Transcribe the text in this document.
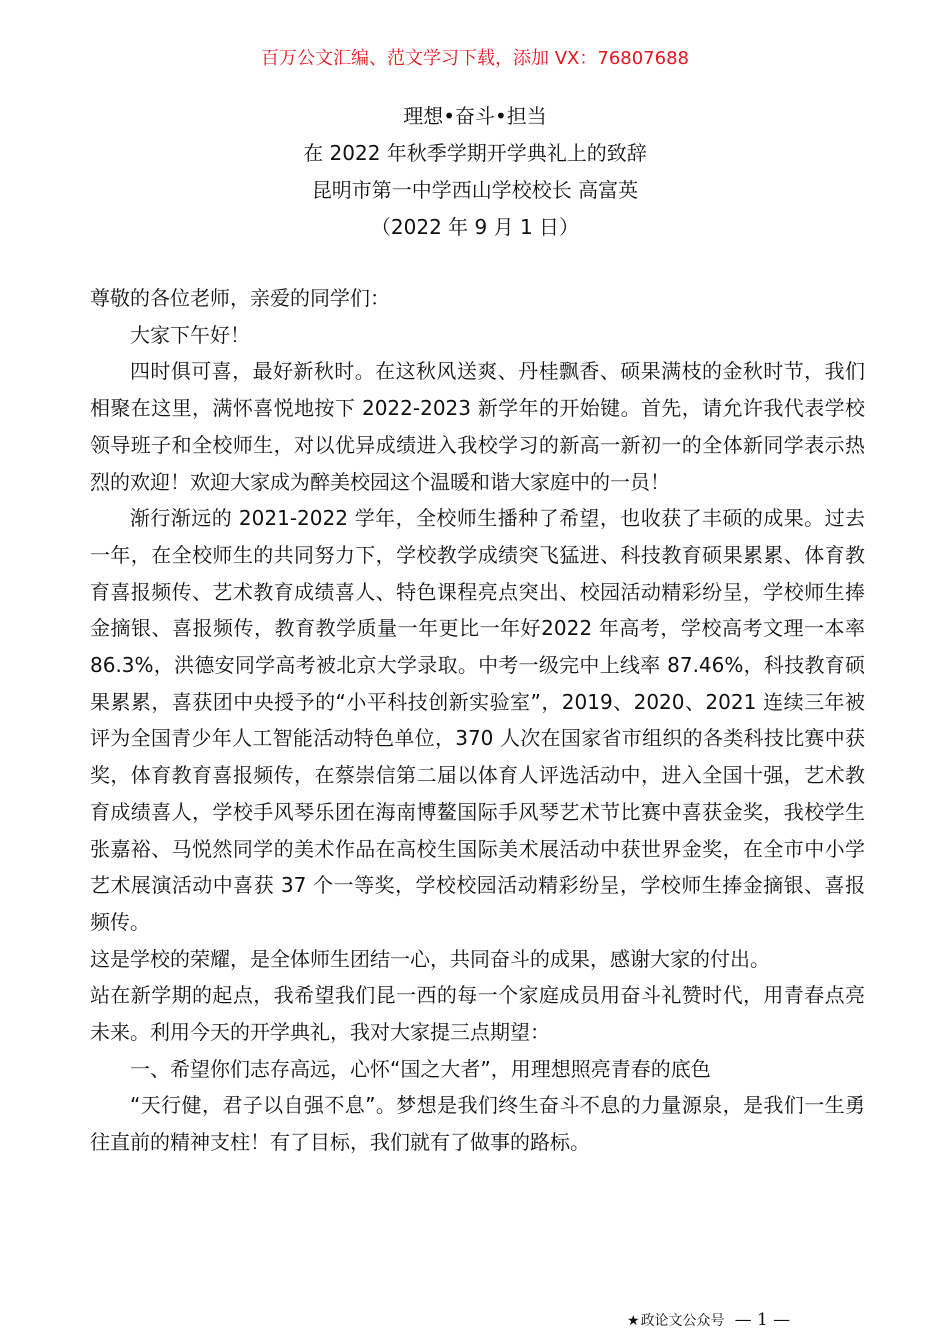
百万公文汇编、范文学习下载，添加 VX：76807688
理想•奋斗•担当
在 2022 年秋季学期开学典礼上的致辞
昆明市第一中学西山学校校长 高富英
（2022 年 9 月 1 日）

尊敬的各位老师，亲爱的同学们：

大家下午好！

四时俱可喜，最好新秋时。在这秋风送爽、丹桂飘香、硕果满枝的金秋时节，我们相聚在这里，满怀喜悦地按下 2022-2023 新学年的开始键。首先，请允许我代表学校领导班子和全校师生，对以优异成绩进入我校学习的新高一新初一的全体新同学表示热烈的欢迎！欢迎大家成为醉美校园这个温暖和谐大家庭中的一员！

渐行渐远的 2021-2022 学年，全校师生播种了希望，也收获了丰硕的成果。过去一年，在全校师生的共同努力下，学校教学成绩突飞猛进、科技教育硕果累累、体育教育喜报频传、艺术教育成绩喜人、特色课程亮点突出、校园活动精彩纷呈，学校师生捧金摘银、喜报频传，教育教学质量一年更比一年好2022 年高考，学校高考文理一本率 86.3%，洪德安同学高考被北京大学录取。中考一级完中上线率 87.46%，科技教育硕果累累，喜获团中央授予的“小平科技创新实验室”，2019、2020、2021 连续三年被评为全国青少年人工智能活动特色单位，370 人次在国家省市组织的各类科技比赛中获奖，体育教育喜报频传，在蔡崇信第二届以体育人评选活动中，进入全国十强，艺术教育成绩喜人，学校手风琴乐团在海南博鳌国际手风琴艺术节比赛中喜获金奖，我校学生张嘉裕、马悦然同学的美术作品在高校生国际美术展活动中获世界金奖，在全市中小学艺术展演活动中喜获 37 个一等奖，学校校园活动精彩纷呈，学校师生捧金摘银、喜报频传。

这是学校的荣耀，是全体师生团结一心，共同奋斗的成果，感谢大家的付出。

站在新学期的起点，我希望我们昆一西的每一个家庭成员用奋斗礼赞时代，用青春点亮未来。利用今天的开学典礼，我对大家提三点期望：

一、希望你们志存高远，心怀“国之大者”，用理想照亮青春的底色

“天行健，君子以自强不息”。梦想是我们终生奋斗不息的力量源泉，是我们一生勇往直前的精神支柱！有了目标，我们就有了做事的路标。

★政论文公众号 — 1 —
